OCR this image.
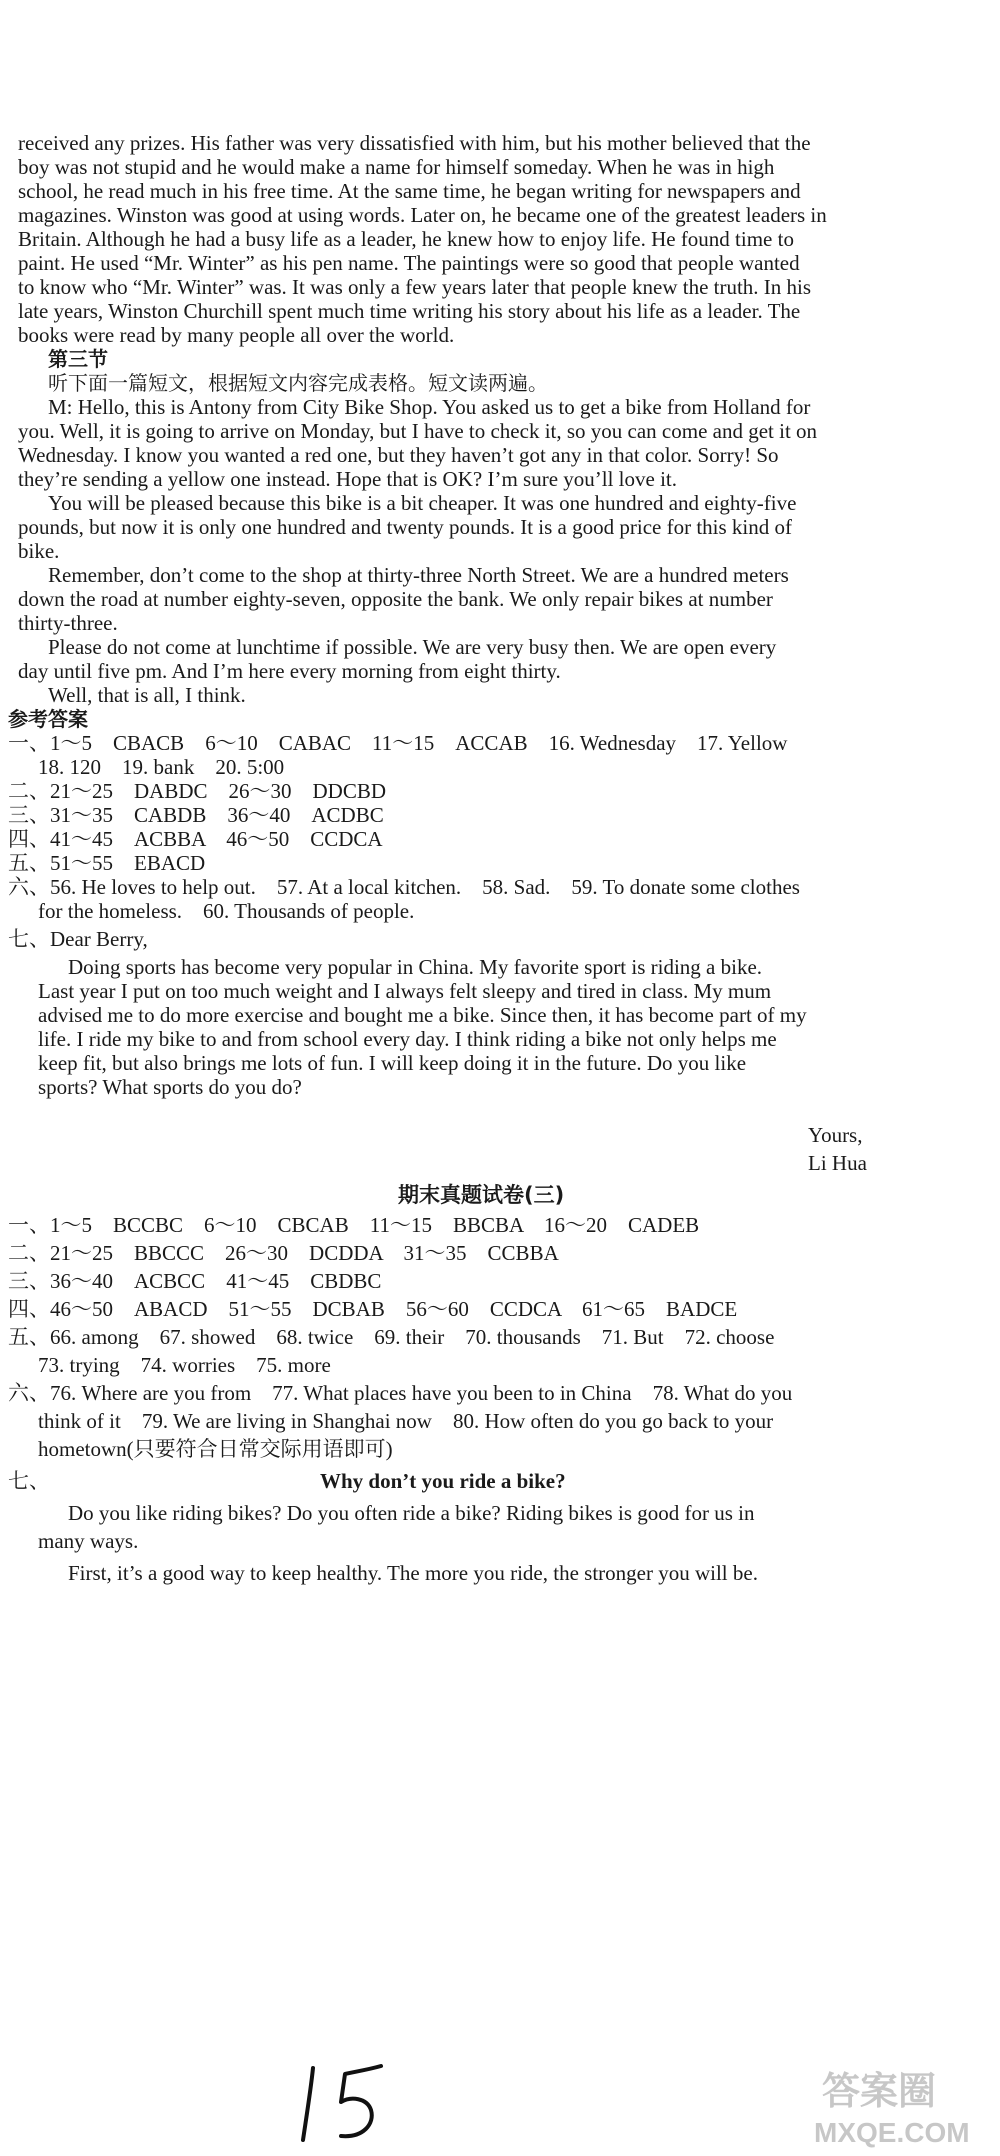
received any prizes. His father was very dissatisfied with him, but his mother believed that the
boy was not stupid and he would make a name for himself someday. When he was in high
school, he read much in his free time. At the same time, he began writing for newspapers and
magazines. Winston was good at using words. Later on, he became one of the greatest leaders in
Britain. Although he had a busy life as a leader, he knew how to enjoy life. He found time to
paint. He used “Mr. Winter” as his pen name. The paintings were so good that people wanted
to know who “Mr. Winter” was. It was only a few years later that people knew the truth. In his
late years, Winston Churchill spent much time writing his story about his life as a leader. The
books were read by many people all over the world.
第三节
听下面一篇短文，根据短文内容完成表格。短文读两遍。
M: Hello, this is Antony from City Bike Shop. You asked us to get a bike from Holland for
you. Well, it is going to arrive on Monday, but I have to check it, so you can come and get it on
Wednesday. I know you wanted a red one, but they haven’t got any in that color. Sorry! So
they’re sending a yellow one instead. Hope that is OK? I’m sure you’ll love it.
You will be pleased because this bike is a bit cheaper. It was one hundred and eighty-five
pounds, but now it is only one hundred and twenty pounds. It is a good price for this kind of
bike.
Remember, don’t come to the shop at thirty-three North Street. We are a hundred meters
down the road at number eighty-seven, opposite the bank. We only repair bikes at number
thirty-three.
Please do not come at lunchtime if possible. We are very busy then. We are open every
day until five pm. And I’m here every morning from eight thirty.
Well, that is all, I think.
参考答案
一、1～5　CBACB　6～10　CABAC　11～15　ACCAB　16. Wednesday　17. Yellow
18. 120　19. bank　20. 5:00
二、21～25　DABDC　26～30　DDCBD
三、31～35　CABDB　36～40　ACDBC
四、41～45　ACBBA　46～50　CCDCA
五、51～55　EBACD
六、56. He loves to help out.　57. At a local kitchen.　58. Sad.　59. To donate some clothes
for the homeless.　60. Thousands of people.
七、Dear Berry,
Doing sports has become very popular in China. My favorite sport is riding a bike.
Last year I put on too much weight and I always felt sleepy and tired in class. My mum
advised me to do more exercise and bought me a bike. Since then, it has become part of my
life. I ride my bike to and from school every day. I think riding a bike not only helps me
keep fit, but also brings me lots of fun. I will keep doing it in the future. Do you like
sports? What sports do you do?
Yours,
Li Hua
期末真题试卷(三)
一、1～5　BCCBC　6～10　CBCAB　11～15　BBCBA　16～20　CADEB
二、21～25　BBCCC　26～30　DCDDA　31～35　CCBBA
三、36～40　ACBCC　41～45　CBDBC
四、46～50　ABACD　51～55　DCBAB　56～60　CCDCA　61～65　BADCE
五、66. among　67. showed　68. twice　69. their　70. thousands　71. But　72. choose
73. trying　74. worries　75. more
六、76. Where are you from　77. What places have you been to in China　78. What do you
think of it　79. We are living in Shanghai now　80. How often do you go back to your
hometown(只要符合日常交际用语即可)
七、	Why don’t you ride a bike?
Do you like riding bikes? Do you often ride a bike? Riding bikes is good for us in
many ways.
First, it’s a good way to keep healthy. The more you ride, the stronger you will be.
答案圈
MXQE.COM
